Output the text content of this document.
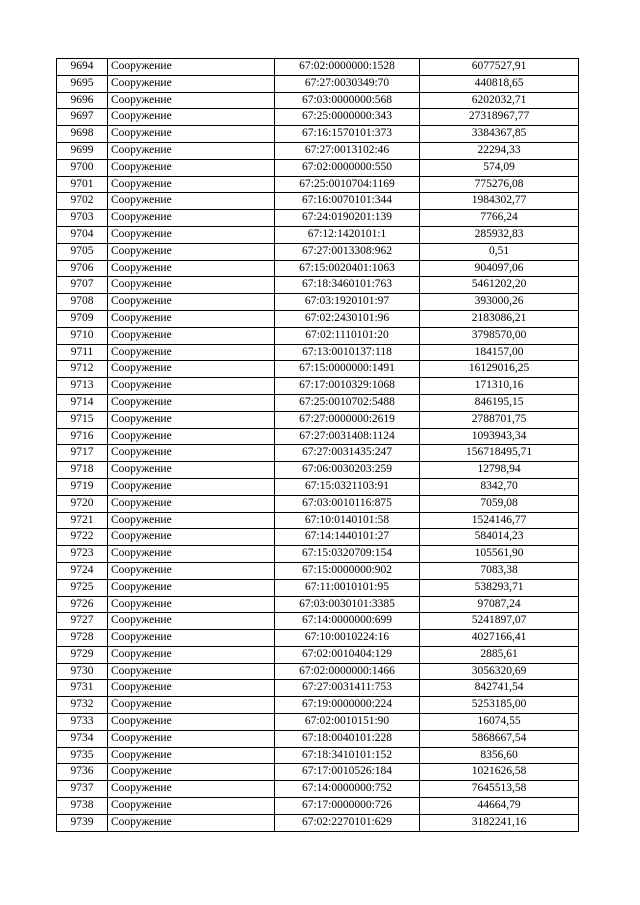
9694	Сооружение	67:02:0000000:1528	6077527,91
9695	Сооружение	67:27:0030349:70	440818,65
9696	Сооружение	67:03:0000000:568	6202032,71
9697	Сооружение	67:25:0000000:343	27318967,77
9698	Сооружение	67:16:1570101:373	3384367,85
9699	Сооружение	67:27:0013102:46	22294,33
9700	Сооружение	67:02:0000000:550	574,09
9701	Сооружение	67:25:0010704:1169	775276,08
9702	Сооружение	67:16:0070101:344	1984302,77
9703	Сооружение	67:24:0190201:139	7766,24
9704	Сооружение	67:12:1420101:1	285932,83
9705	Сооружение	67:27:0013308:962	0,51
9706	Сооружение	67:15:0020401:1063	904097,06
9707	Сооружение	67:18:3460101:763	5461202,20
9708	Сооружение	67:03:1920101:97	393000,26
9709	Сооружение	67:02:2430101:96	2183086,21
9710	Сооружение	67:02:1110101:20	3798570,00
9711	Сооружение	67:13:0010137:118	184157,00
9712	Сооружение	67:15:0000000:1491	16129016,25
9713	Сооружение	67:17:0010329:1068	171310,16
9714	Сооружение	67:25:0010702:5488	846195,15
9715	Сооружение	67:27:0000000:2619	2788701,75
9716	Сооружение	67:27:0031408:1124	1093943,34
9717	Сооружение	67:27:0031435:247	156718495,71
9718	Сооружение	67:06:0030203:259	12798,94
9719	Сооружение	67:15:0321103:91	8342,70
9720	Сооружение	67:03:0010116:875	7059,08
9721	Сооружение	67:10:0140101:58	1524146,77
9722	Сооружение	67:14:1440101:27	584014,23
9723	Сооружение	67:15:0320709:154	105561,90
9724	Сооружение	67:15:0000000:902	7083,38
9725	Сооружение	67:11:0010101:95	538293,71
9726	Сооружение	67:03:0030101:3385	97087,24
9727	Сооружение	67:14:0000000:699	5241897,07
9728	Сооружение	67:10:0010224:16	4027166,41
9729	Сооружение	67:02:0010404:129	2885,61
9730	Сооружение	67:02:0000000:1466	3056320,69
9731	Сооружение	67:27:0031411:753	842741,54
9732	Сооружение	67:19:0000000:224	5253185,00
9733	Сооружение	67:02:0010151:90	16074,55
9734	Сооружение	67:18:0040101:228	5868667,54
9735	Сооружение	67:18:3410101:152	8356,60
9736	Сооружение	67:17:0010526:184	1021626,58
9737	Сооружение	67:14:0000000:752	7645513,58
9738	Сооружение	67:17:0000000:726	44664,79
9739	Сооружение	67:02:2270101:629	3182241,16
